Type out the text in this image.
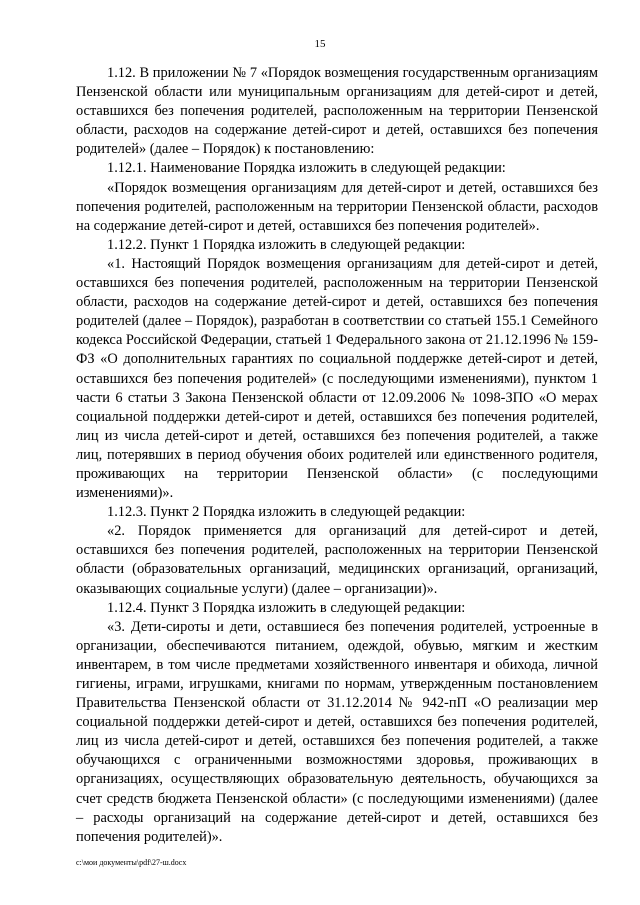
15

1.12. В приложении № 7 «Порядок возмещения государственным организациям Пензенской области или муниципальным организациям для детей-сирот и детей, оставшихся без попечения родителей, расположенным на территории Пензенской области, расходов на содержание детей-сирот и детей, оставшихся без попечения родителей» (далее – Порядок) к постановлению:

1.12.1. Наименование Порядка изложить в следующей редакции:

«Порядок возмещения организациям для детей-сирот и детей, оставшихся без попечения родителей, расположенным на территории Пензенской области, расходов на содержание детей-сирот и детей, оставшихся без попечения родителей».

1.12.2. Пункт 1 Порядка изложить в следующей редакции:

«1. Настоящий Порядок возмещения организациям для детей-сирот и детей, оставшихся без попечения родителей, расположенным на территории Пензенской области, расходов на содержание детей-сирот и детей, оставшихся без попечения родителей (далее – Порядок), разработан в соответствии со статьей 155.1 Семейного кодекса Российской Федерации, статьей 1 Федерального закона от 21.12.1996 № 159-ФЗ «О дополнительных гарантиях по социальной поддержке детей-сирот и детей, оставшихся без попечения родителей» (с последующими изменениями), пунктом 1 части 6 статьи 3 Закона Пензенской области от 12.09.2006 № 1098-ЗПО «О мерах социальной поддержки детей-сирот и детей, оставшихся без попечения родителей, лиц из числа детей-сирот и детей, оставшихся без попечения родителей, а также лиц, потерявших в период обучения обоих родителей или единственного родителя, проживающих на территории Пензенской области» (с последующими изменениями)».

1.12.3. Пункт 2 Порядка изложить в следующей редакции:

«2. Порядок применяется для организаций для детей-сирот и детей, оставшихся без попечения родителей, расположенных на территории Пензенской области (образовательных организаций, медицинских организаций, организаций, оказывающих социальные услуги) (далее – организации)».

1.12.4. Пункт 3 Порядка изложить в следующей редакции:

«3. Дети-сироты и дети, оставшиеся без попечения родителей, устроенные в организации, обеспечиваются питанием, одеждой, обувью, мягким и жестким инвентарем, в том числе предметами хозяйственного инвентаря и обихода, личной гигиены, играми, игрушками, книгами по нормам, утвержденным постановлением Правительства Пензенской области от 31.12.2014 № 942-пП «О реализации мер социальной поддержки детей-сирот и детей, оставшихся без попечения родителей, лиц из числа детей-сирот и детей, оставшихся без попечения родителей, а также обучающихся с ограниченными возможностями здоровья, проживающих в организациях, осуществляющих образовательную деятельность, обучающихся за счет средств бюджета Пензенской области» (с последующими изменениями) (далее – расходы организаций на содержание детей-сирот и детей, оставшихся без попечения родителей)».

c:\мои документы\pdf\27-ш.docx
